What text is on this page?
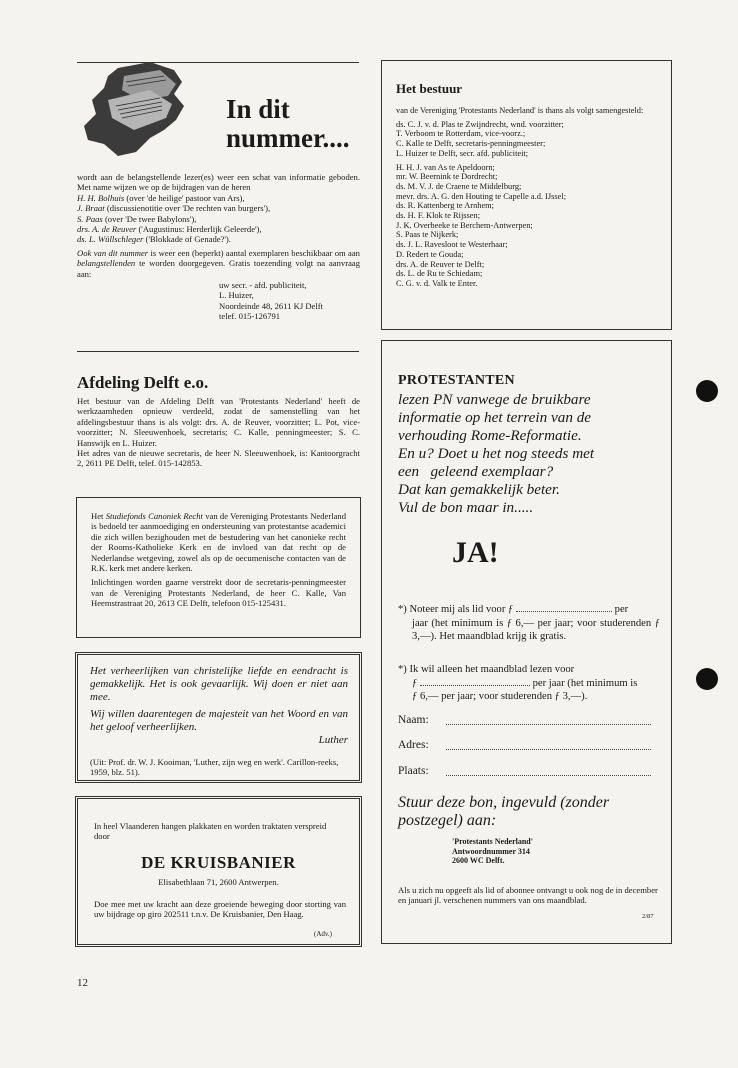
In dit
nummer....

wordt aan de belangstellende lezer(es) weer een schat van informatie geboden. Met name wijzen we op de bijdragen van de heren

H. H. Bolhuis (over 'de heilige' pastoor van Ars),

J. Braat (discussienotitie over 'De rechten van burgers'),

S. Paas (over 'De twee Babylons'),

drs. A. de Reuver ('Augustinus: Herderlijk Geleerde'),

ds. L. Wüllschleger ('Blokkade of Genade?').

Ook van dit nummer is weer een (beperkt) aantal exemplaren beschikbaar om aan belangstellenden te worden doorgegeven. Gratis toezending volgt na aanvraag aan:

uw secr. - afd. publiciteit,

L. Huizer,

Noordeinde 48, 2611 KJ Delft

telef. 015-126791

Afdeling Delft e.o.

Het bestuur van de Afdeling Delft van 'Protestants Nederland' heeft de werkzaamheden opnieuw verdeeld, zodat de samenstelling van het afdelingsbestuur thans is als volgt: drs. A. de Reuver, voorzitter; L. Pot, vice-voorzitter; N. Sleeuwenhoek, secretaris; C. Kalle, penningmeester; S. C. Hanswijk en L. Huizer.

Het adres van de nieuwe secretaris, de heer N. Sleeuwenhoek, is: Kantoorgracht 2, 2611 PE Delft, telef. 015-142853.

Het Studiefonds Canoniek Recht van de Vereniging Protestants Nederland is bedoeld ter aanmoediging en ondersteuning van protestantse academici die zich willen bezighouden met de bestudering van het canonieke recht der Rooms-Katholieke Kerk en de invloed van dat recht op de Nederlandse wetgeving, zowel als op de oecumenische contacten van de R.K. kerk met andere kerken.

Inlichtingen worden gaarne verstrekt door de secretaris-penningmeester van de Vereniging Protestants Nederland, de heer C. Kalle, Van Heemstrastraat 20, 2613 CE Delft, telefoon 015-125431.

Het verheerlijken van christelijke liefde en eendracht is gemakkelijk. Het is ook gevaarlijk. Wij doen er niet aan mee.

Wij willen daarentegen de majesteit van het Woord en van het geloof verheerlijken.

Luther

(Uit: Prof. dr. W. J. Kooiman, 'Luther, zijn weg en werk'. Carillon-reeks, 1959, blz. 51).
In heel Vlaanderen hangen plakkaten en worden traktaten verspreid door
DE KRUISBANIER
Elisabethlaan 71, 2600 Antwerpen.
Doe mee met uw kracht aan deze groeiende beweging door storting van uw bijdrage op giro 202511 t.n.v. De Kruisbanier, Den Haag.
(Adv.)
12
Het bestuur

van de Vereniging 'Protestants Nederland' is thans als volgt samengesteld:

ds. C. J. v. d. Plas te Zwijndrecht, wnd. voorzitter;

T. Verboom te Rotterdam, vice-voorz.;

C. Kalle te Delft, secretaris-penningmeester;

L. Huizer te Delft, secr. afd. publiciteit;

H. H. J. van As te Apeldoorn;

mr. W. Beernink te Dordrecht;

ds. M. V. J. de Craene te Middelburg;

mevr. drs. A. G. den Houting te Capelle a.d. IJssel;

ds. R. Kattenberg te Arnhem;

ds. H. F. Klok te Rijssen;

J. K. Overbeeke te Berchem-Antwerpen;

S. Paas te Nijkerk;

ds. J. L. Ravesloot te Westerhaar;

D. Redert te Gouda;

drs. A. de Reuver te Delft;

ds. L. de Ru te Schiedam;

C. G. v. d. Valk te Enter.

PROTESTANTEN

lezen PN vanwege de bruikbare

informatie op het terrein van de

verhouding Rome-Reformatie.

En u? Doet u het nog steeds met

een   geleend exemplaar?

Dat kan gemakkelijk beter.

Vul de bon maar in.....

JA!

*) Noteer mij als lid voor ƒ	per

jaar (het minimum is ƒ 6,— per jaar; voor studerenden ƒ 3,—). Het maandblad krijg ik gratis.

*) Ik wil alleen het maandblad lezen voor

ƒ	per jaar (het minimum is

ƒ 6,— per jaar; voor studerenden ƒ 3,—).

Naam:
Adres:
Plaats:
Stuur deze bon, ingevuld (zonder postzegel) aan:

'Protestants Nederland'

Antwoordnummer 314

2600 WC Delft.

Als u zich nu opgeeft als lid of abonnee ontvangt u ook nog de in december en januari jl. verschenen nummers van ons maandblad.
2/87
